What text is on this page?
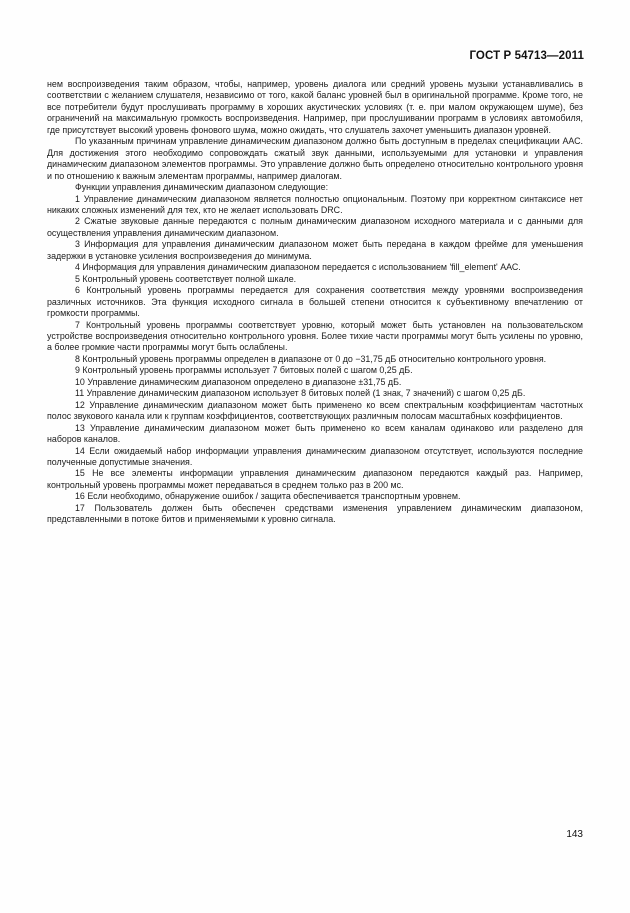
ГОСТ Р 54713—2011

нем воспроизведения таким образом, чтобы, например, уровень диалога или средний уровень музыки устанавливались в соответствии с желанием слушателя, независимо от того, какой баланс уровней был в оригинальной программе. Кроме того, не все потребители будут прослушивать программу в хороших акустических условиях (т. е. при малом окружающем шуме), без ограничений на максимальную громкость воспроизведения. Например, при прослушивании программ в условиях автомобиля, где присутствует высокий уровень фонового шума, можно ожидать, что слушатель захочет уменьшить диапазон уровней.

По указанным причинам управление динамическим диапазоном должно быть доступным в пределах спецификации ААС. Для достижения этого необходимо сопровождать сжатый звук данными, используемыми для установки и управления динамическим диапазоном элементов программы. Это управление должно быть определено относительно контрольного уровня и по отношению к важным элементам программы, например диалогам.

Функции управления динамическим диапазоном следующие:

1 Управление динамическим диапазоном является полностью опциональным. Поэтому при корректном синтаксисе нет никаких сложных изменений для тех, кто не желает использовать DRC.

2 Сжатые звуковые данные передаются с полным динамическим диапазоном исходного материала и с данными для осуществления управления динамическим диапазоном.

3 Информация для управления динамическим диапазоном может быть передана в каждом фрейме для уменьшения задержки в установке усиления воспроизведения до минимума.

4 Информация для управления динамическим диапазоном передается с использованием 'fill_element' ААС.

5 Контрольный уровень соответствует полной шкале.

6 Контрольный уровень программы передается для сохранения соответствия между уровнями воспроизведения различных источников. Эта функция исходного сигнала в большей степени относится к субъективному впечатлению от громкости программы.

7 Контрольный уровень программы соответствует уровню, который может быть установлен на пользовательском устройстве воспроизведения относительно контрольного уровня. Более тихие части программы могут быть усилены по уровню, а более громкие части программы могут быть ослаблены.

8 Контрольный уровень программы определен в диапазоне от 0 до −31,75 дБ относительно контрольного уровня.

9 Контрольный уровень программы использует 7 битовых полей с шагом 0,25 дБ.

10 Управление динамическим диапазоном определено в диапазоне ±31,75 дБ.

11 Управление динамическим диапазоном использует 8 битовых полей (1 знак, 7 значений) с шагом 0,25 дБ.

12 Управление динамическим диапазоном может быть применено ко всем спектральным коэффициентам частотных полос звукового канала или к группам коэффициентов, соответствующих различным полосам масштабных коэффициентов.

13 Управление динамическим диапазоном может быть применено ко всем каналам одинаково или разделено для наборов каналов.

14 Если ожидаемый набор информации управления динамическим диапазоном отсутствует, используются последние полученные допустимые значения.

15 Не все элементы информации управления динамическим диапазоном передаются каждый раз. Например, контрольный уровень программы может передаваться в среднем только раз в 200 мс.

16 Если необходимо, обнаружение ошибок / защита обеспечивается транспортным уровнем.

17 Пользователь должен быть обеспечен средствами изменения управлением динамическим диапазоном, представленными в потоке битов и применяемыми к уровню сигнала.

143
